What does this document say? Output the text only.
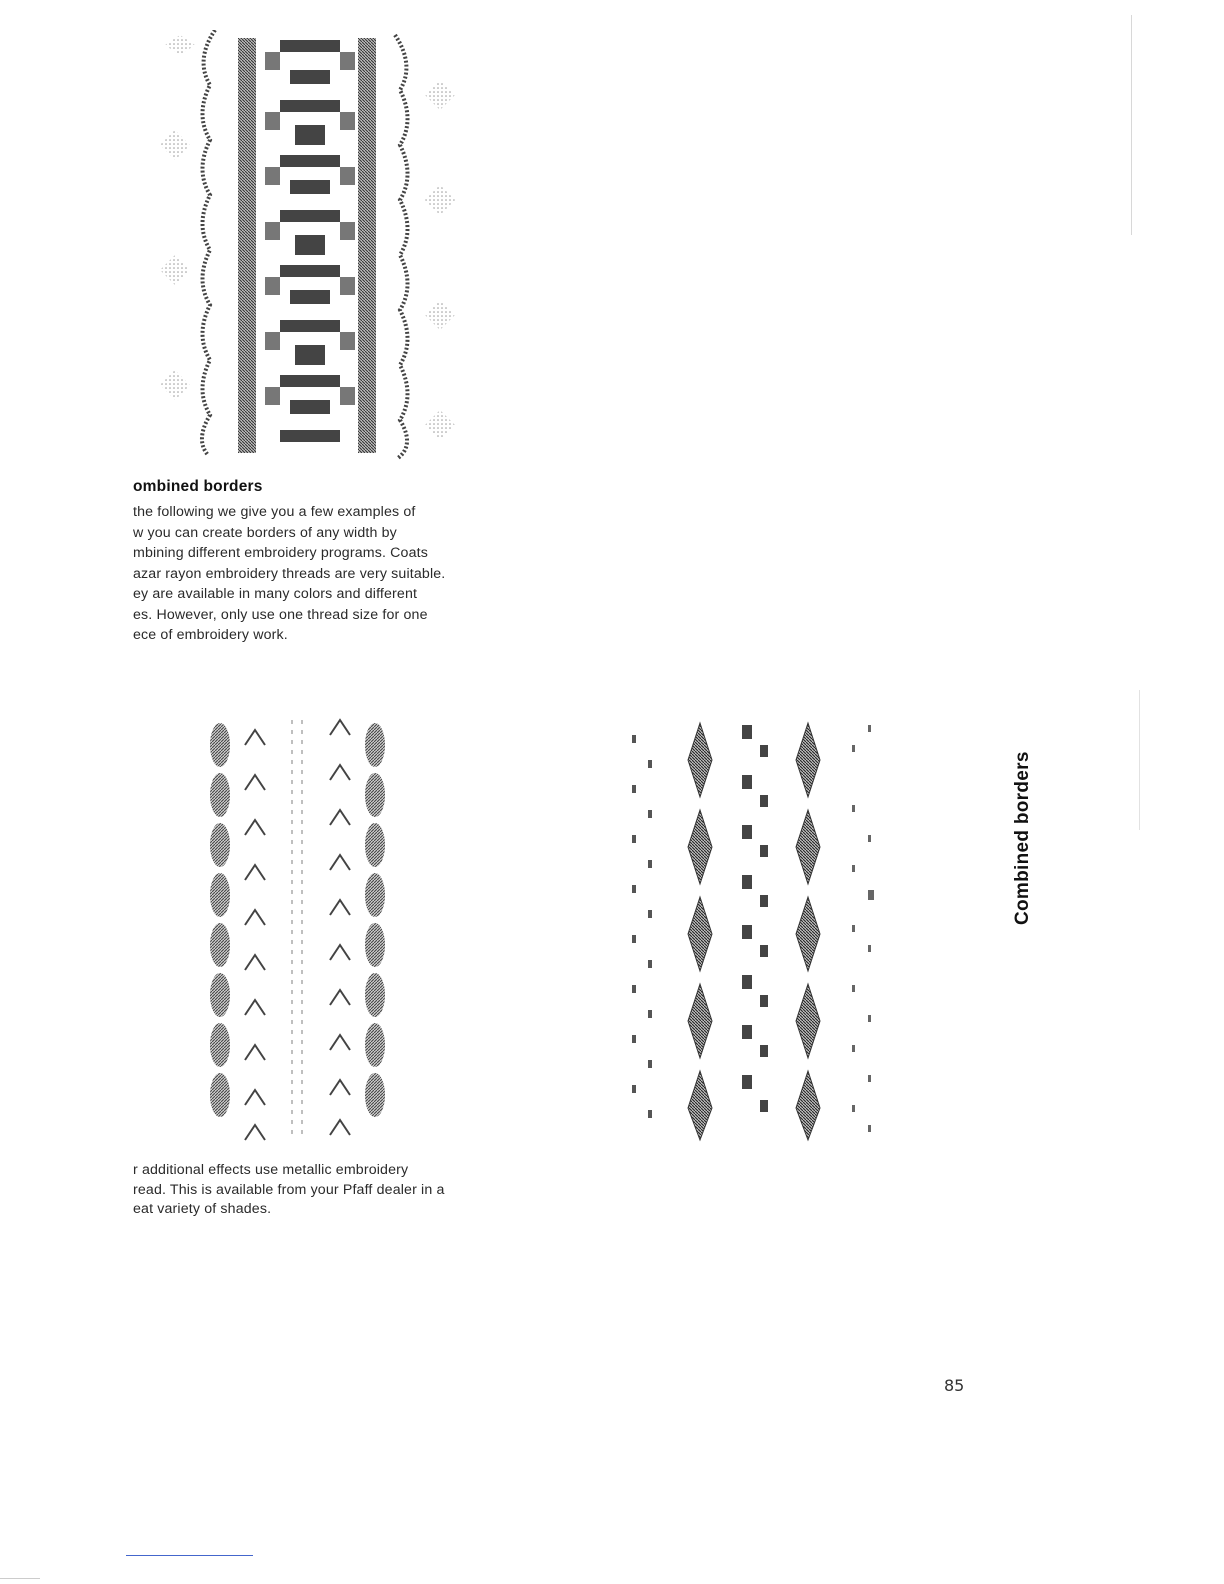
ombined borders
the following we give you a few examples of
w you can create borders of any width by
mbining different embroidery programs. Coats
azar rayon embroidery threads are very suitable.
ey are available in many colors and different
es. However, only use one thread size for one
ece of embroidery work.
r additional effects use metallic embroidery
read. This is available from your Pfaff dealer in a
eat variety of shades.
Combined borders
85
